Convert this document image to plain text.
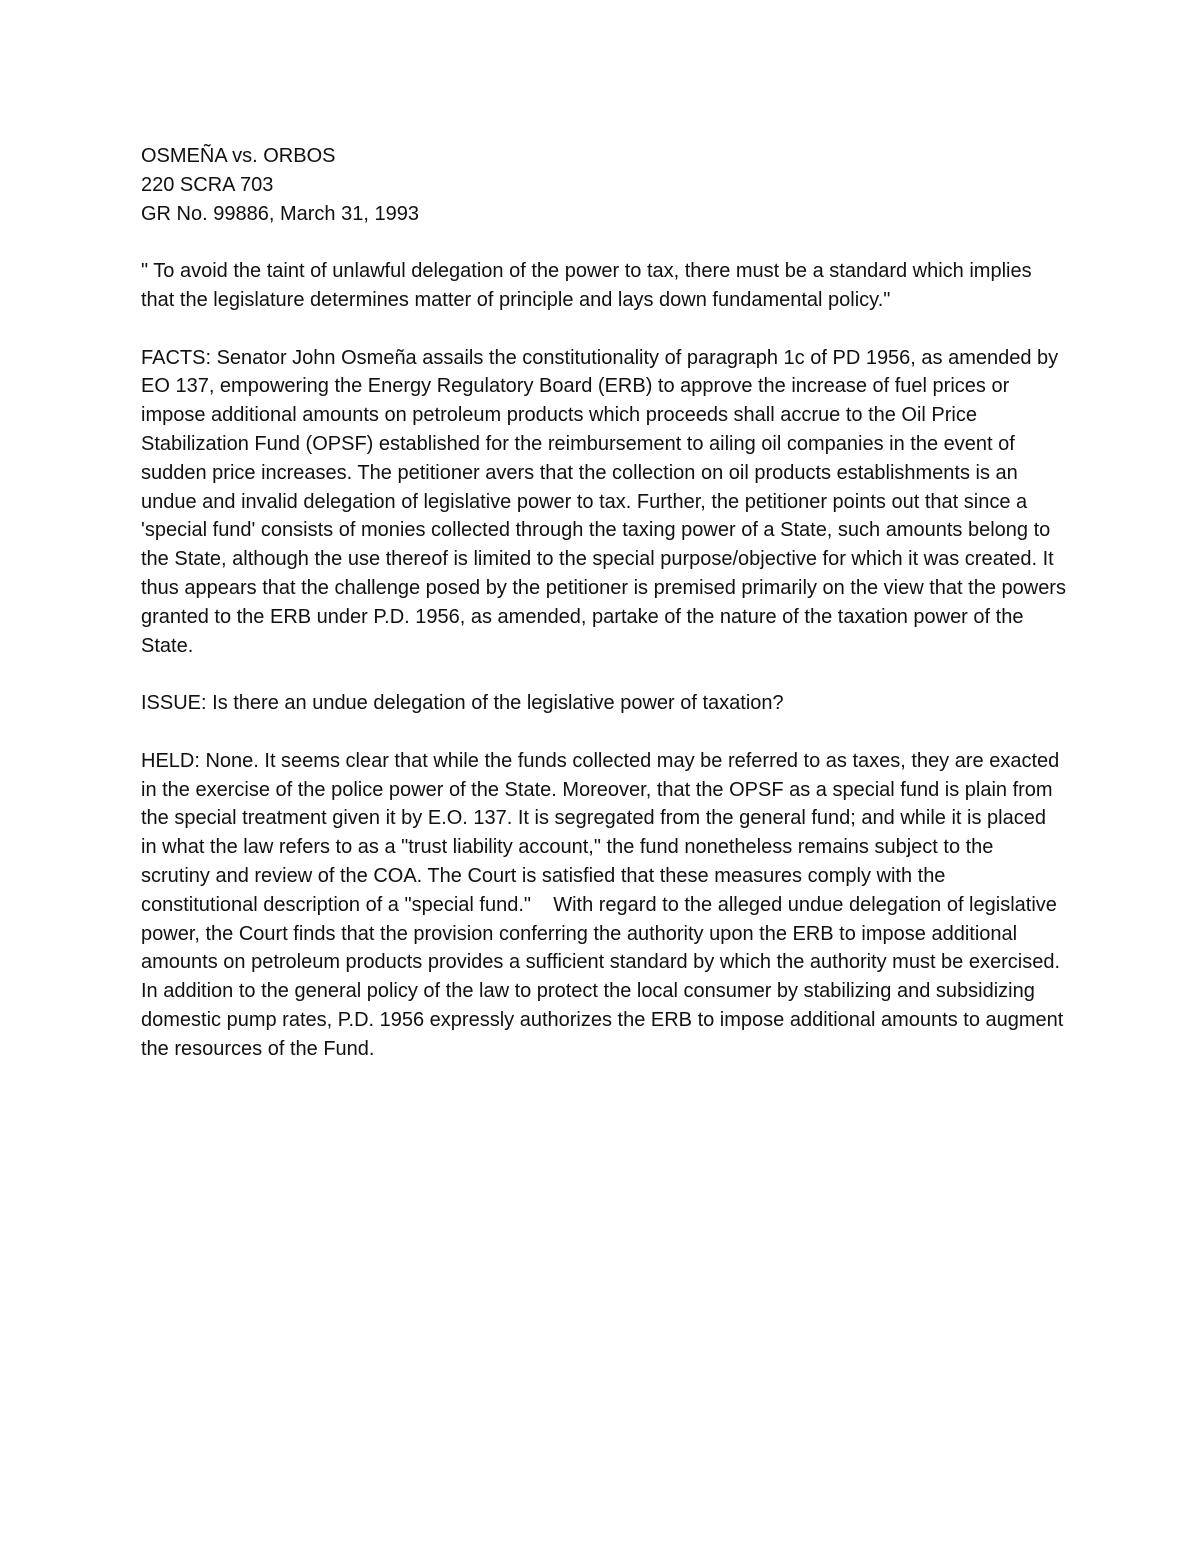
OSMEÑA vs. ORBOS
220 SCRA 703
GR No. 99886, March 31, 1993

" To avoid the taint of unlawful delegation of the power to tax, there must be a standard which implies that the legislature determines matter of principle and lays down fundamental policy."

FACTS: Senator John Osmeña assails the constitutionality of paragraph 1c of PD 1956, as amended by EO 137, empowering the Energy Regulatory Board (ERB) to approve the increase of fuel prices or impose additional amounts on petroleum products which proceeds shall accrue to the Oil Price Stabilization Fund (OPSF) established for the reimbursement to ailing oil companies in the event of sudden price increases. The petitioner avers that the collection on oil products establishments is an undue and invalid delegation of legislative power to tax. Further, the petitioner points out that since a 'special fund' consists of monies collected through the taxing power of a State, such amounts belong to the State, although the use thereof is limited to the special purpose/objective for which it was created. It thus appears that the challenge posed by the petitioner is premised primarily on the view that the powers granted to the ERB under P.D. 1956, as amended, partake of the nature of the taxation power of the State.

ISSUE: Is there an undue delegation of the legislative power of taxation?

HELD: None. It seems clear that while the funds collected may be referred to as taxes, they are exacted in the exercise of the police power of the State. Moreover, that the OPSF as a special fund is plain from the special treatment given it by E.O. 137. It is segregated from the general fund; and while it is placed in what the law refers to as a "trust liability account," the fund nonetheless remains subject to the scrutiny and review of the COA. The Court is satisfied that these measures comply with the constitutional description of a "special fund."    With regard to the alleged undue delegation of legislative power, the Court finds that the provision conferring the authority upon the ERB to impose additional amounts on petroleum products provides a sufficient standard by which the authority must be exercised. In addition to the general policy of the law to protect the local consumer by stabilizing and subsidizing domestic pump rates, P.D. 1956 expressly authorizes the ERB to impose additional amounts to augment the resources of the Fund.
